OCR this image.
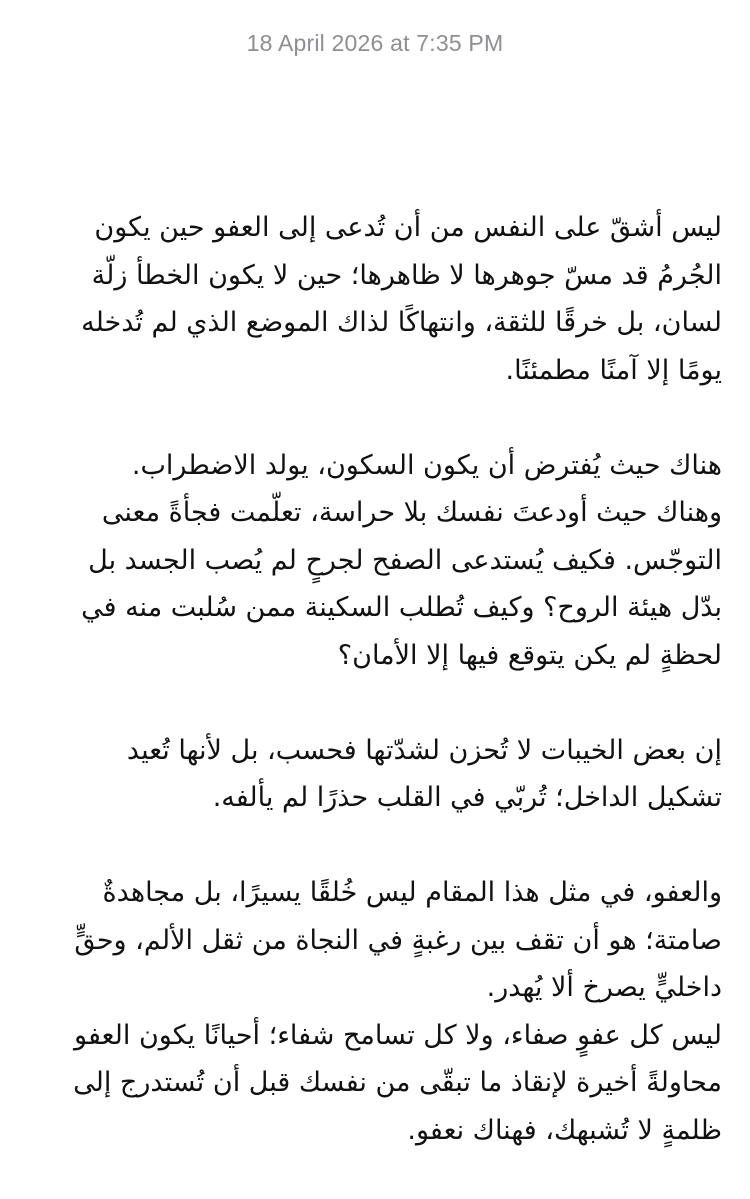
18 April 2026 at 7:35 PM

ليس أشقّ على النفس من أن تُدعى إلى العفو حين يكون الجُرمُ قد مسّ جوهرها لا ظاهرها؛ حين لا يكون الخطأ زلّة لسان، بل خرقًا للثقة، وانتهاكًا لذاك الموضع الذي لم تُدخله يومًا إلا آمنًا مطمئنًا.

هناك حيث يُفترض أن يكون السكون، يولد الاضطراب.

وهناك حيث أودعتَ نفسك بلا حراسة، تعلّمت فجأةً معنى التوجّس. فكيف يُستدعى الصفح لجرحٍ لم يُصب الجسد بل بدّل هيئة الروح؟ وكيف تُطلب السكينة ممن سُلبت منه في لحظةٍ لم يكن يتوقع فيها إلا الأمان؟

إن بعض الخيبات لا تُحزن لشدّتها فحسب، بل لأنها تُعيد تشكيل الداخل؛ تُربّي في القلب حذرًا لم يألفه.

والعفو، في مثل هذا المقام ليس خُلقًا يسيرًا، بل مجاهدةٌ صامتة؛ هو أن تقف بين رغبةٍ في النجاة من ثقل الألم، وحقٍّ داخليٍّ يصرخ ألا يُهدر.

ليس كل عفوٍ صفاء، ولا كل تسامح شفاء؛ أحيانًا يكون العفو محاولةً أخيرة لإنقاذ ما تبقّى من نفسك قبل أن تُستدرج إلى ظلمةٍ لا تُشبهك، فهناك نعفو.
